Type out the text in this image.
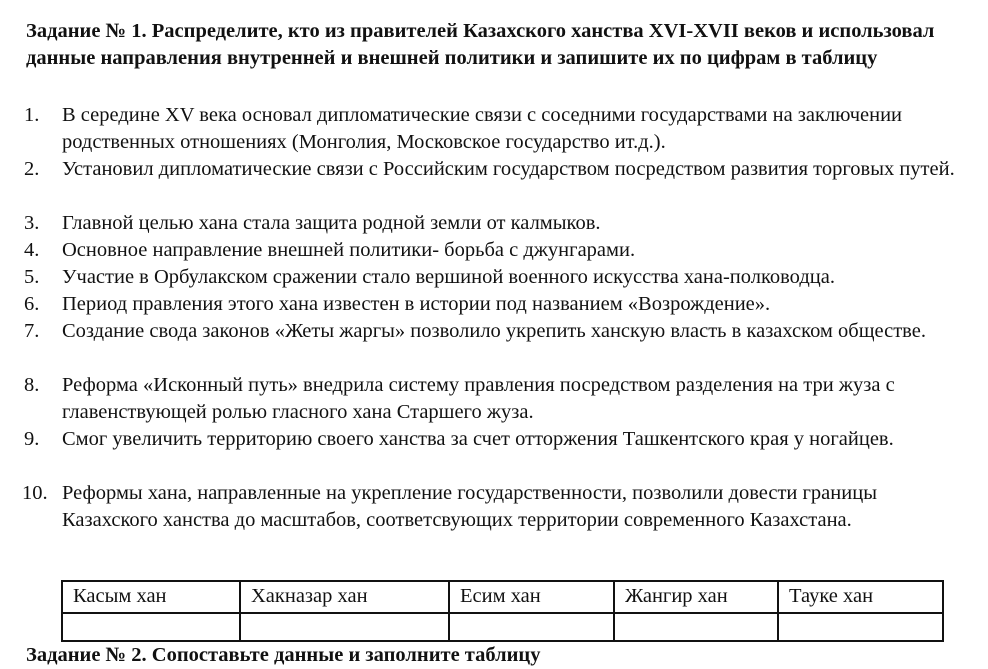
Задание № 1. Распределите, кто из правителей Казахского ханства XVI-XVII веков и использовал данные направления внутренней и внешней политики и запишите их по цифрам в таблицу

1. В середине XV века основал дипломатические связи с соседними государствами на заключении родственных отношениях (Монголия, Московское государство ит.д.).
2. Установил дипломатические связи с Российским государством посредством развития торговых путей.
3. Главной целью хана стала защита родной земли от калмыков.
4. Основное направление внешней политики- борьба с джунгарами.
5. Участие в Орбулакском сражении стало вершиной военного искусства хана-полководца.
6. Период правления этого хана известен в истории под названием «Возрождение».
7. Создание свода законов «Жеты жаргы» позволило укрепить ханскую власть в казахском обществе.
8. Реформа «Исконный путь» внедрила систему правления посредством разделения на три жуза с главенствующей ролью гласного хана Старшего жуза.
9. Смог увеличить территорию своего ханства за счет отторжения Ташкентского края у ногайцев.
10. Реформы хана, направленные на укрепление государственности, позволили довести границы Казахского ханства до масштабов, соответсвующих территории современного Казахстана.
Касым хан	Хакназар хан	Есим хан	Жангир хан	Тауке хан

Задание № 2. Сопоставьте данные и заполните таблицу
